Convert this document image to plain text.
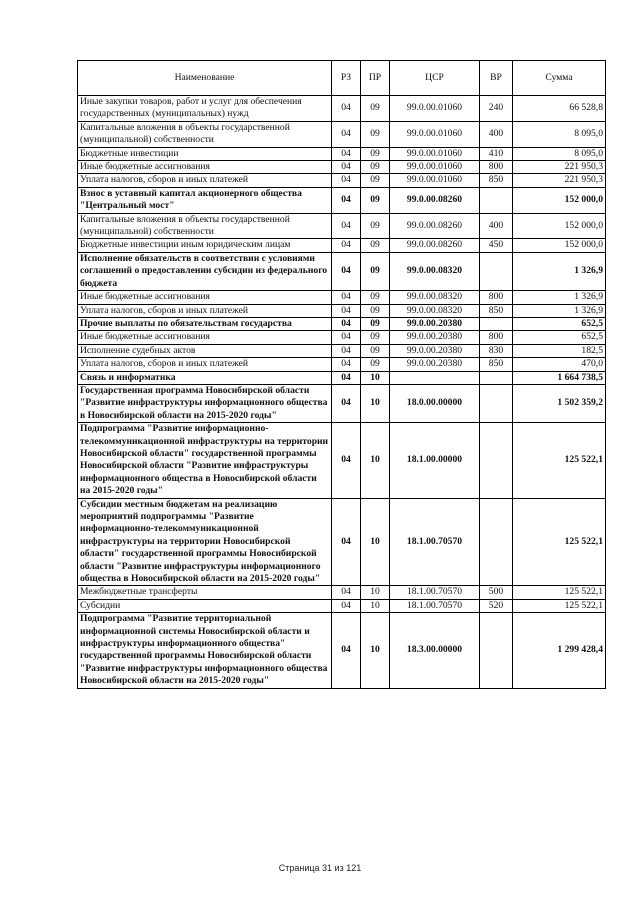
Наименование	РЗ	ПР	ЦСР	ВР	Сумма
Иные закупки товаров, работ и услуг для обеспечения государственных (муниципальных) нужд	04	09	99.0.00.01060	240	66 528,8
Капитальные вложения в объекты государственной (муниципальной) собственности	04	09	99.0.00.01060	400	8 095,0
Бюджетные инвестиции	04	09	99.0.00.01060	410	8 095,0
Иные бюджетные ассигнования	04	09	99.0.00.01060	800	221 950,3
Уплата налогов, сборов и иных платежей	04	09	99.0.00.01060	850	221 950,3
Взнос в уставный капитал акционерного общества "Центральный мост"	04	09	99.0.00.08260		152 000,0
Капитальные вложения в объекты государственной (муниципальной) собственности	04	09	99.0.00.08260	400	152 000,0
Бюджетные инвестиции иным юридическим лицам	04	09	99.0.00.08260	450	152 000,0
Исполнение обязательств в соответствии с условиями соглашений о предоставлении субсидии из федерального бюджета	04	09	99.0.00.08320		1 326,9
Иные бюджетные ассигнования	04	09	99.0.00.08320	800	1 326,9
Уплата налогов, сборов и иных платежей	04	09	99.0.00.08320	850	1 326,9
Прочие выплаты по обязательствам государства	04	09	99.0.00.20380		652,5
Иные бюджетные ассигнования	04	09	99.0.00.20380	800	652,5
Исполнение судебных актов	04	09	99.0.00.20380	830	182,5
Уплата налогов, сборов и иных платежей	04	09	99.0.00.20380	850	470,0
Связь и информатика	04	10			1 664 738,5
Государственная программа Новосибирской области "Развитие инфраструктуры информационного общества в Новосибирской области на 2015-2020 годы"	04	10	18.0.00.00000		1 502 359,2
Подпрограмма "Развитие информационно-телекоммуникационной инфраструктуры на территории Новосибирской области" государственной программы Новосибирской области "Развитие инфраструктуры информационного общества в Новосибирской области на 2015-2020 годы"	04	10	18.1.00.00000		125 522,1
Субсидии местным бюджетам на реализацию мероприятий подпрограммы "Развитие информационно-телекоммуникационной инфраструктуры на территории Новосибирской области" государственной программы Новосибирской области "Развитие инфраструктуры информационного общества в Новосибирской области на 2015-2020 годы"	04	10	18.1.00.70570		125 522,1
Межбюджетные трансферты	04	10	18.1.00.70570	500	125 522,1
Субсидии	04	10	18.1.00.70570	520	125 522,1
Подпрограмма "Развитие территориальной информационной системы Новосибирской области и инфраструктуры информационного общества" государственной программы Новосибирской области "Развитие инфраструктуры информационного общества Новосибирской области на 2015-2020 годы"	04	10	18.3.00.00000		1 299 428,4
Страница 31 из 121
